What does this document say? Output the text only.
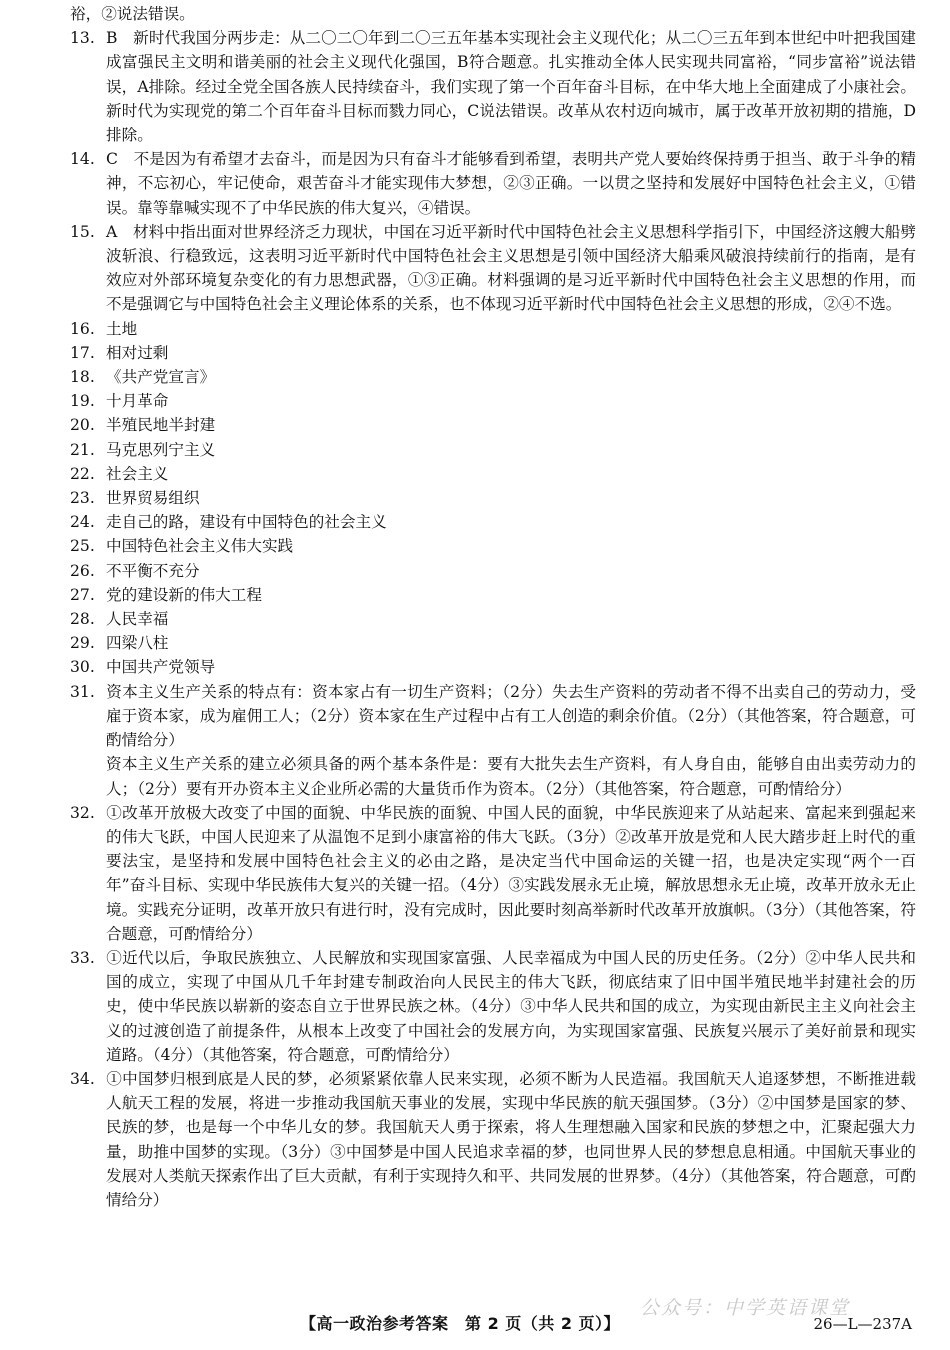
裕，②说法错误。

13. B　新时代我国分两步走：从二〇二〇年到二〇三五年基本实现社会主义现代化；从二〇三五年到本世纪中叶把我国建成富强民主文明和谐美丽的社会主义现代化强国，B符合题意。扎实推动全体人民实现共同富裕，“同步富裕”说法错误，A排除。经过全党全国各族人民持续奋斗，我们实现了第一个百年奋斗目标，在中华大地上全面建成了小康社会。新时代为实现党的第二个百年奋斗目标而戮力同心，C说法错误。改革从农村迈向城市，属于改革开放初期的措施，D排除。

14. C　不是因为有希望才去奋斗，而是因为只有奋斗才能够看到希望，表明共产党人要始终保持勇于担当、敢于斗争的精神，不忘初心，牢记使命，艰苦奋斗才能实现伟大梦想，②③正确。一以贯之坚持和发展好中国特色社会主义，①错误。靠等靠喊实现不了中华民族的伟大复兴，④错误。

15. A　材料中指出面对世界经济乏力现状，中国在习近平新时代中国特色社会主义思想科学指引下，中国经济这艘大船劈波斩浪、行稳致远，这表明习近平新时代中国特色社会主义思想是引领中国经济大船乘风破浪持续前行的指南，是有效应对外部环境复杂变化的有力思想武器，①③正确。材料强调的是习近平新时代中国特色社会主义思想的作用，而不是强调它与中国特色社会主义理论体系的关系，也不体现习近平新时代中国特色社会主义思想的形成，②④不选。

16. 土地

17. 相对过剩

18. 《共产党宣言》

19. 十月革命

20. 半殖民地半封建

21. 马克思列宁主义

22. 社会主义

23. 世界贸易组织

24. 走自己的路，建设有中国特色的社会主义

25. 中国特色社会主义伟大实践

26. 不平衡不充分

27. 党的建设新的伟大工程

28. 人民幸福

29. 四梁八柱

30. 中国共产党领导

31. 资本主义生产关系的特点有：资本家占有一切生产资料；（2分）失去生产资料的劳动者不得不出卖自己的劳动力，受雇于资本家，成为雇佣工人；（2分）资本家在生产过程中占有工人创造的剩余价值。（2分）（其他答案，符合题意，可酌情给分）

资本主义生产关系的建立必须具备的两个基本条件是：要有大批失去生产资料，有人身自由，能够自由出卖劳动力的人；（2分）要有开办资本主义企业所必需的大量货币作为资本。（2分）（其他答案，符合题意，可酌情给分）

32. ①改革开放极大改变了中国的面貌、中华民族的面貌、中国人民的面貌，中华民族迎来了从站起来、富起来到强起来的伟大飞跃，中国人民迎来了从温饱不足到小康富裕的伟大飞跃。（3分）②改革开放是党和人民大踏步赶上时代的重要法宝，是坚持和发展中国特色社会主义的必由之路，是决定当代中国命运的关键一招，也是决定实现“两个一百年”奋斗目标、实现中华民族伟大复兴的关键一招。（4分）③实践发展永无止境，解放思想永无止境，改革开放永无止境。实践充分证明，改革开放只有进行时，没有完成时，因此要时刻高举新时代改革开放旗帜。（3分）（其他答案，符合题意，可酌情给分）

33. ①近代以后，争取民族独立、人民解放和实现国家富强、人民幸福成为中国人民的历史任务。（2分）②中华人民共和国的成立，实现了中国从几千年封建专制政治向人民民主的伟大飞跃，彻底结束了旧中国半殖民地半封建社会的历史，使中华民族以崭新的姿态自立于世界民族之林。（4分）③中华人民共和国的成立，为实现由新民主主义向社会主义的过渡创造了前提条件，从根本上改变了中国社会的发展方向，为实现国家富强、民族复兴展示了美好前景和现实道路。（4分）（其他答案，符合题意，可酌情给分）

34. ①中国梦归根到底是人民的梦，必须紧紧依靠人民来实现，必须不断为人民造福。我国航天人追逐梦想，不断推进载人航天工程的发展，将进一步推动我国航天事业的发展，实现中华民族的航天强国梦。（3分）②中国梦是国家的梦、民族的梦，也是每一个中华儿女的梦。我国航天人勇于探索，将人生理想融入国家和民族的梦想之中，汇聚起强大力量，助推中国梦的实现。（3分）③中国梦是中国人民追求幸福的梦，也同世界人民的梦想息息相通。中国航天事业的发展对人类航天探索作出了巨大贡献，有利于实现持久和平、共同发展的世界梦。（4分）（其他答案，符合题意，可酌情给分）

公众号：中学英语课堂
【高一政治参考答案　第 2 页（共 2 页）】	26—L—237A
